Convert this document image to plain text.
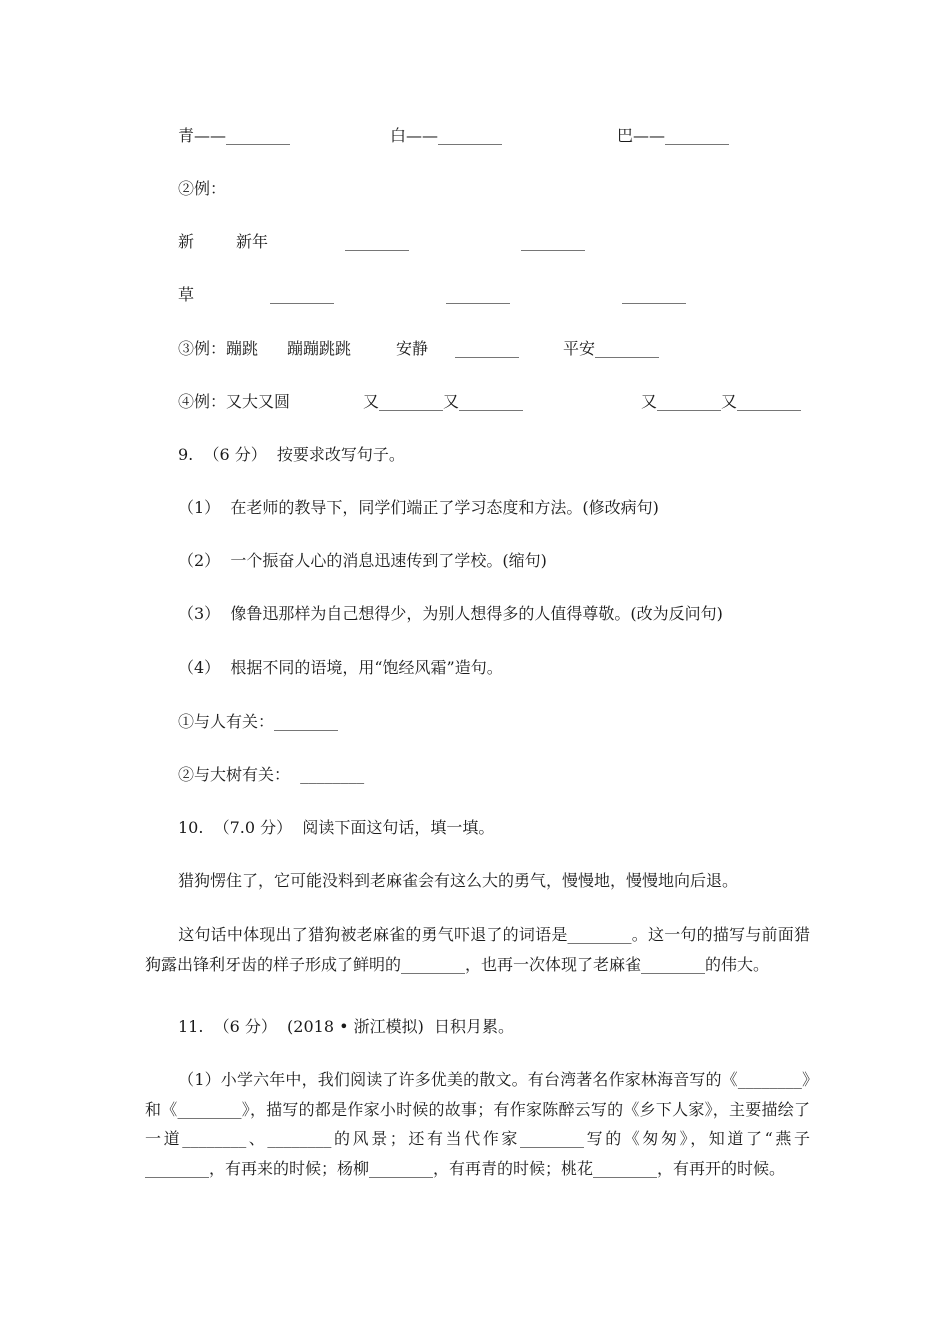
青——________	白——________	巴——________
②例：
新	新年	________	________
草	________	________	________
③例：蹦跳 蹦蹦跳跳	安静 ________	平安________
④例：又大又圆	又________又________	又________又________
9.  （6 分）  按要求改写句子。
（1）  在老师的教导下，同学们端正了学习态度和方法。(修改病句)
（2）  一个振奋人心的消息迅速传到了学校。(缩句)
（3）  像鲁迅那样为自己想得少，为别人想得多的人值得尊敬。(改为反问句)
（4）  根据不同的语境，用“饱经风霜”造句。
①与人有关：________
②与大树有关：  ________
10.  （7.0 分）  阅读下面这句话，填一填。
猎狗愣住了，它可能没料到老麻雀会有这么大的勇气，慢慢地，慢慢地向后退。

这句话中体现出了猎狗被老麻雀的勇气吓退了的词语是________。这一句的描写与前面猎狗露出锋利牙齿的样子形成了鲜明的________，也再一次体现了老麻雀________的伟大。

11.  （6 分）  (2018 • 浙江模拟)  日积月累。

（1）小学六年中，我们阅读了许多优美的散文。有台湾著名作家林海音写的《________》和《________》，描写的都是作家小时候的故事；有作家陈醉云写的《乡下人家》，主要描绘了一道________、________的风景；还有当代作家________写的《匆匆》，知道了“燕子________，有再来的时候；杨柳________，有再青的时候；桃花________，有再开的时候。
